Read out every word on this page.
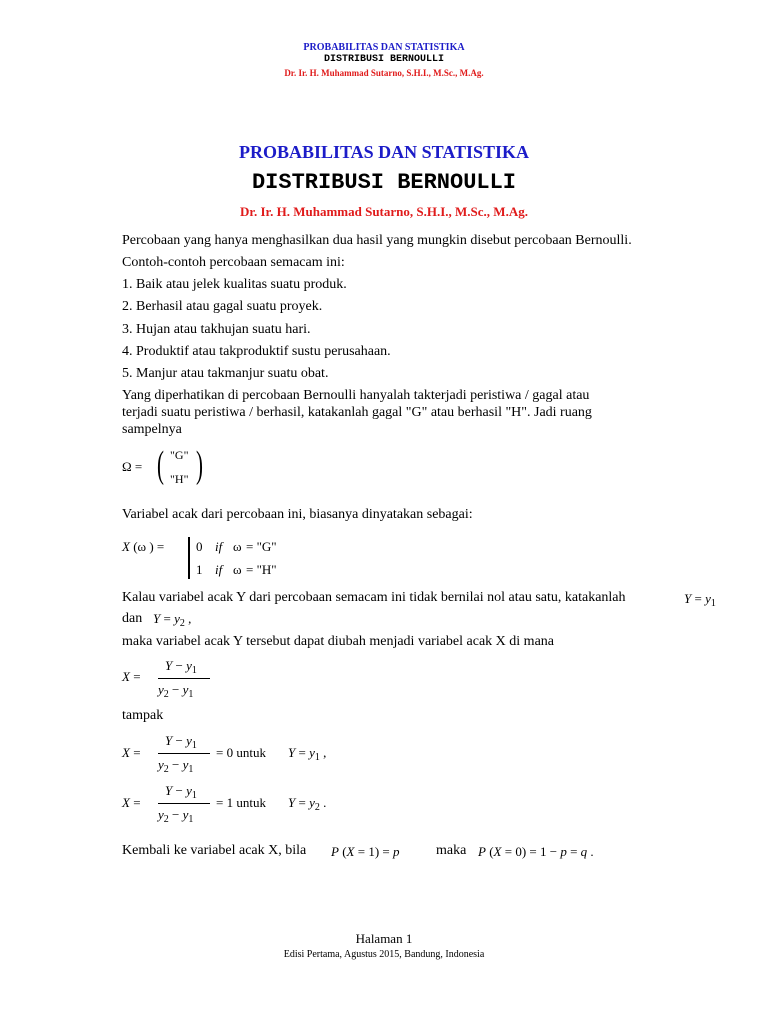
PROBABILITAS DAN STATISTIKA
DISTRIBUSI BERNOULLI
Dr. Ir. H. Muhammad Sutarno, S.H.I., M.Sc., M.Ag.
PROBABILITAS DAN STATISTIKA
DISTRIBUSI BERNOULLI
Dr. Ir. H. Muhammad Sutarno, S.H.I., M.Sc., M.Ag.
Percobaan yang hanya menghasilkan dua hasil yang mungkin disebut percobaan Bernoulli.
Contoh-contoh percobaan semacam ini:
1. Baik atau jelek kualitas suatu produk.
2. Berhasil atau gagal suatu proyek.
3. Hujan atau takhujan suatu hari.
4. Produktif atau takproduktif sustu perusahaan.
5. Manjur atau takmanjur suatu obat.
Yang diperhatikan di percobaan Bernoulli hanyalah takterjadi peristiwa / gagal atau
terjadi suatu peristiwa / berhasil, katakanlah gagal "G" atau berhasil "H". Jadi ruang
sampelnya
Ω = ( "G"
"H" )
Variabel acak dari percobaan ini, biasanya dinyatakan sebagai:
X (ω ) = 0 if ω = "G"
1 if ω = "H"
Kalau variabel acak Y dari percobaan semacam ini tidak bernilai nol atau satu, katakanlah	$Y = y_1$
dan $Y = y_2$ ,
maka variabel acak Y tersebut dapat diubah menjadi variabel acak X di mana
X =
$Y - y_1$
$y_2 - y_1$
tampak
X =
$Y - y_1$
$y_2 - y_1$
= 0 untuk $Y = y_1$ ,
X =
$Y - y_1$
$y_2 - y_1$
= 1 untuk $Y = y_2$ .
Kembali ke variabel acak X, bila P (X = 1) = p	maka P (X = 0) = 1 − p = q .
Halaman 1
Edisi Pertama, Agustus 2015, Bandung, Indonesia
